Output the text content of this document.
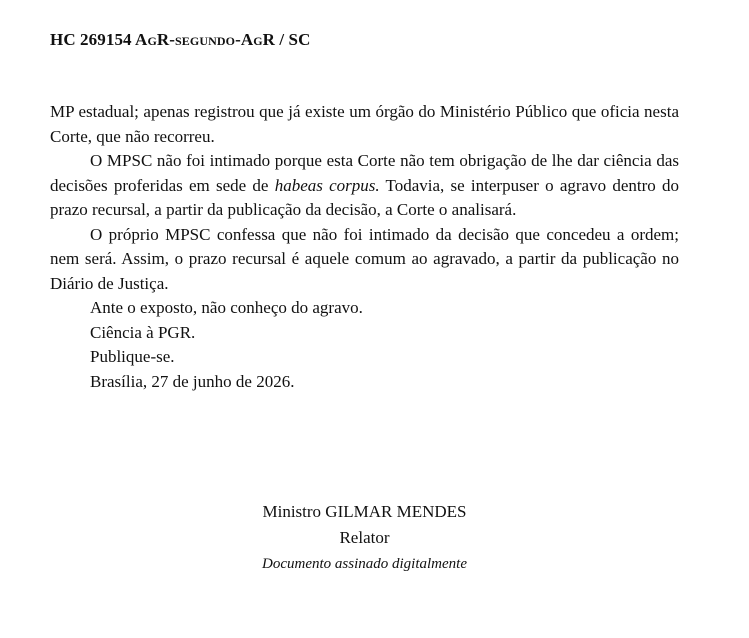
HC 269154 AgR-segundo-AgR / SC

MP estadual; apenas registrou que já existe um órgão do Ministério Público que oficia nesta Corte, que não recorreu.

O MPSC não foi intimado porque esta Corte não tem obrigação de lhe dar ciência das decisões proferidas em sede de habeas corpus. Todavia, se interpuser o agravo dentro do prazo recursal, a partir da publicação da decisão, a Corte o analisará.

O próprio MPSC confessa que não foi intimado da decisão que concedeu a ordem; nem será. Assim, o prazo recursal é aquele comum ao agravado, a partir da publicação no Diário de Justiça.

Ante o exposto, não conheço do agravo.

Ciência à PGR.

Publique-se.

Brasília, 27 de junho de 2026.

Ministro GILMAR MENDES
Relator
Documento assinado digitalmente
